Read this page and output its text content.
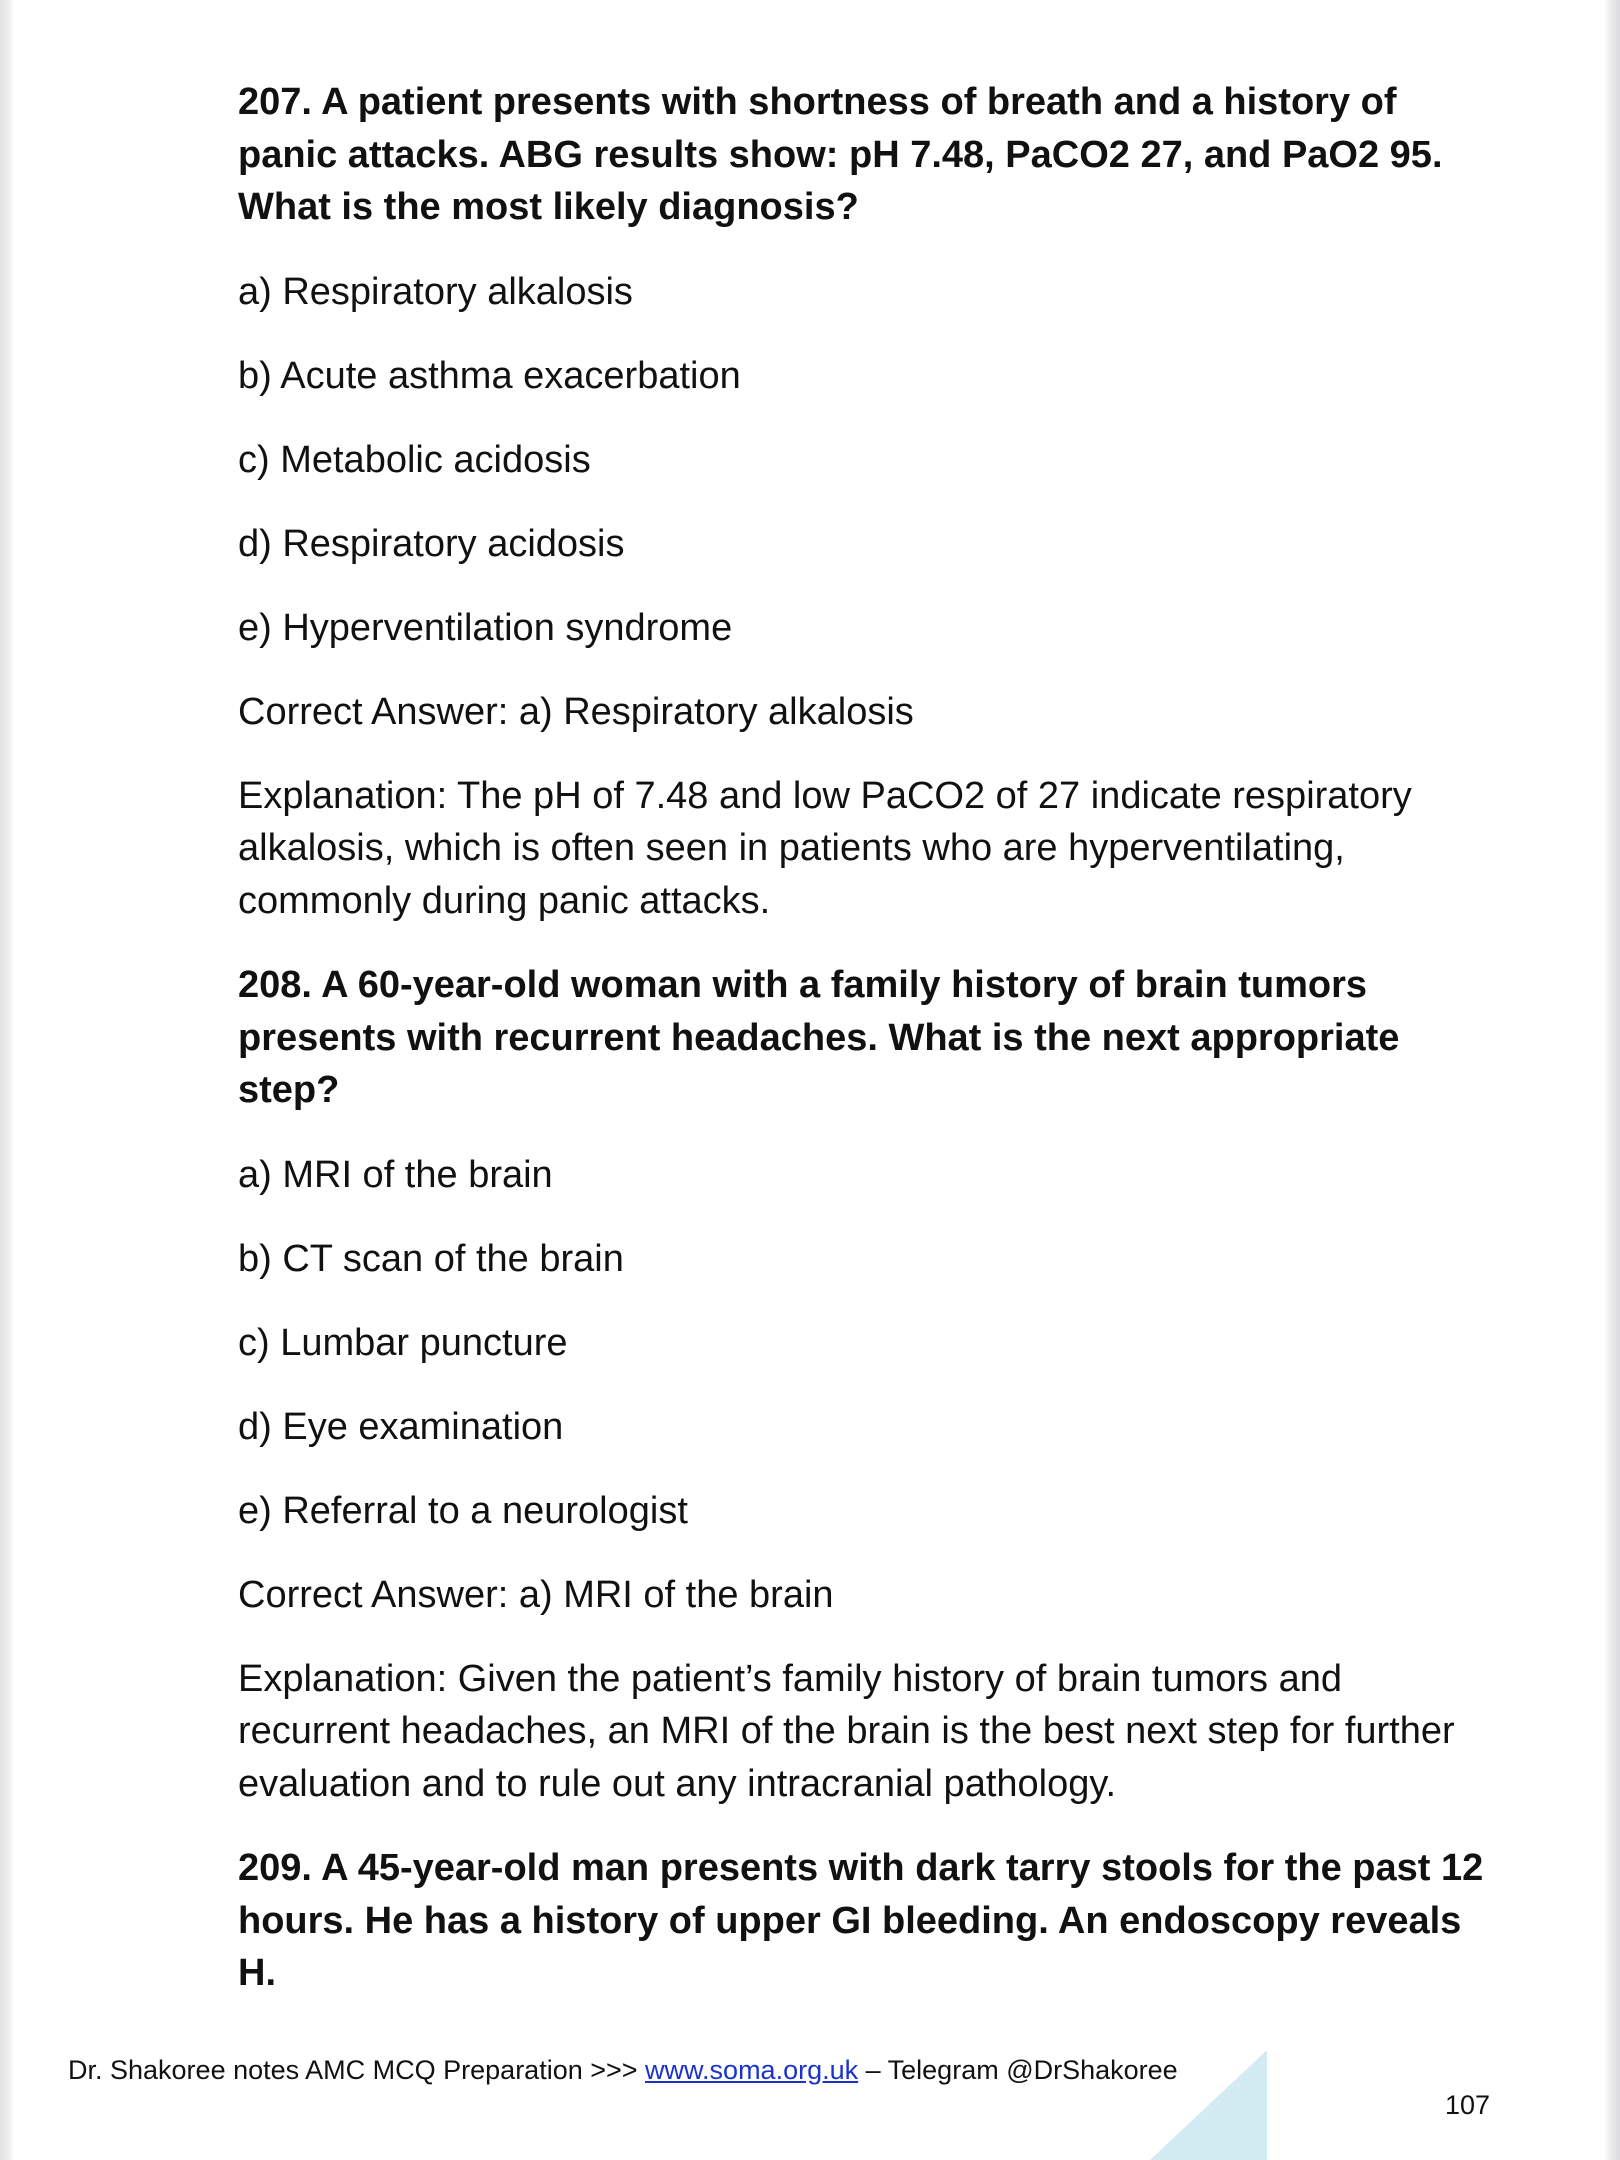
207. A patient presents with shortness of breath and a history of panic attacks. ABG results show: pH 7.48, PaCO2 27, and PaO2 95. What is the most likely diagnosis?
a) Respiratory alkalosis
b) Acute asthma exacerbation
c) Metabolic acidosis
d) Respiratory acidosis
e) Hyperventilation syndrome
Correct Answer: a) Respiratory alkalosis
Explanation: The pH of 7.48 and low PaCO2 of 27 indicate respiratory alkalosis, which is often seen in patients who are hyperventilating, commonly during panic attacks.
208. A 60-year-old woman with a family history of brain tumors presents with recurrent headaches. What is the next appropriate step?
a) MRI of the brain
b) CT scan of the brain
c) Lumbar puncture
d) Eye examination
e) Referral to a neurologist
Correct Answer: a) MRI of the brain
Explanation: Given the patient’s family history of brain tumors and recurrent headaches, an MRI of the brain is the best next step for further evaluation and to rule out any intracranial pathology.
209. A 45-year-old man presents with dark tarry stools for the past 12 hours. He has a history of upper GI bleeding. An endoscopy reveals H.
Dr. Shakoree notes AMC MCQ Preparation >>> www.soma.org.uk – Telegram @DrShakoree
107
